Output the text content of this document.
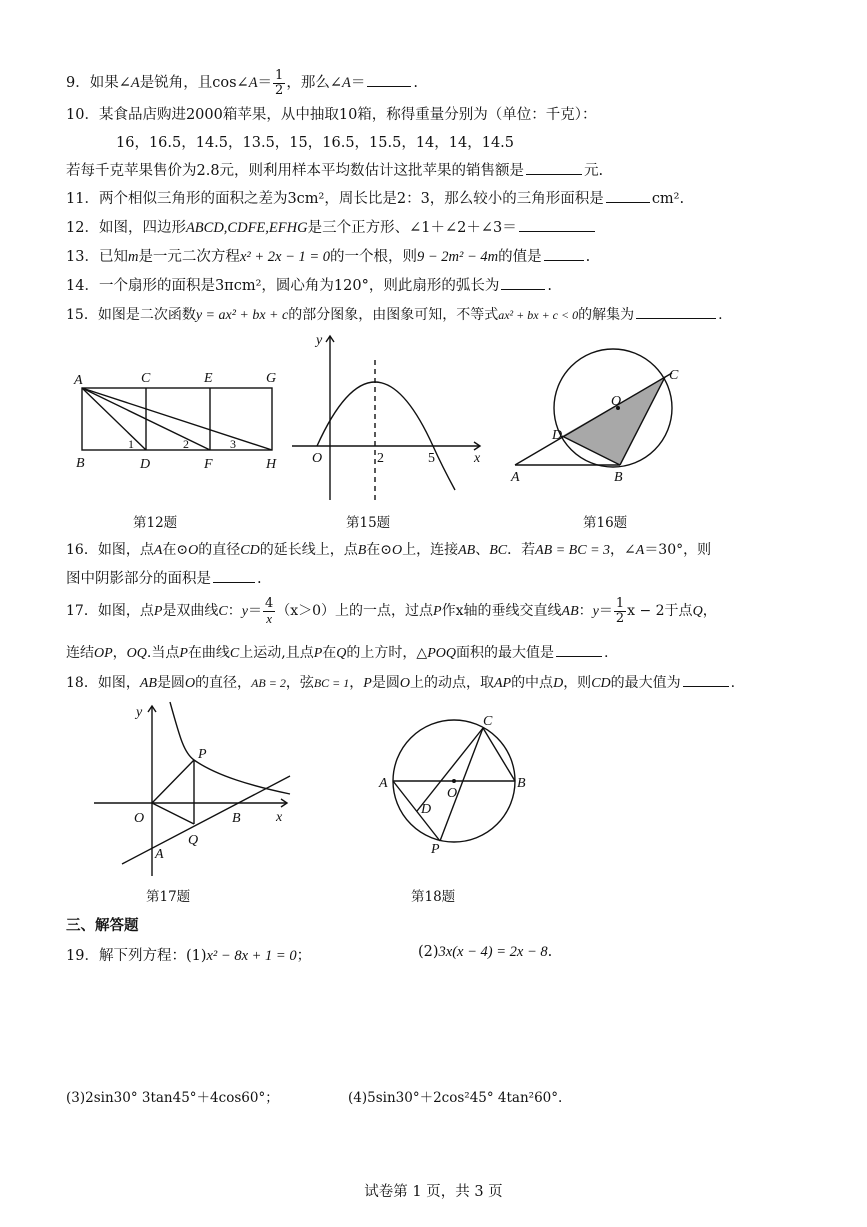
9．如果∠A是锐角，且cos∠A＝ $\frac{1}{2}$ ，那么∠A＝	.
10．某食品店购进2000箱苹果，从中抽取10箱，称得重量分别为（单位：千克）：
16，16.5，14.5，13.5，15，16.5，15.5，14，14，14.5
若每千克苹果售价为2.8元，则利用样本平均数估计这批苹果的销售额是	元.
11．两个相似三角形的面积之差为3cm²，周长比是2：3，那么较小的三角形面积是	cm².
12．如图，四边形ABCD,CDFE,EFHG是三个正方形、∠1＋∠2＋∠3＝
13．已知m是一元二次方程x² + 2x − 1 = 0的一个根，则9 − 2m² − 4m的值是	.
14．一个扇形的面积是3πcm²，圆心角为120°，则此扇形的弧长为	.
15．如图是二次函数y = ax² + bx + c的部分图象，由图象可知，不等式ax² + bx + c < 0的解集为	.
A	C	E	G
B	D	F	H
1	2	3
第12题
y
x
O	2	5
第15题
C
O
D
A	B
第16题
16．如图，点A在⊙O的直径CD的延长线上，点B在⊙O上，连接AB、BC．若AB = BC = 3，∠A＝30°，则
图中阴影部分的面积是	.
17．如图，点P是双曲线C：$y= \frac{4}{x} (x>0)$上的一点，过点P作x轴的垂线交直线AB：$y= \frac{1}{2}$ x − 2于点Q，
连结OP，OQ.当点P在曲线C上运动,且点P在Q的上方时，△POQ面积的最大值是	.
18．如图，AB是圆O的直径，AB = 2，弦BC = 1，P是圆O上的动点，取AP的中点D，则CD的最大值为	.
y
x
O
P
Q
B
A
第17题
C
A	B
O
D
P
第18题
三、解答题
19．解下列方程：(1)x² − 8x + 1 = 0；	(2)3x(x − 4) = 2x − 8.
(3)2sin30° 3tan45°＋4cos60°；	(4)5sin30°＋2cos²45° 4tan²60°.
试卷第 1 页，共 3 页
